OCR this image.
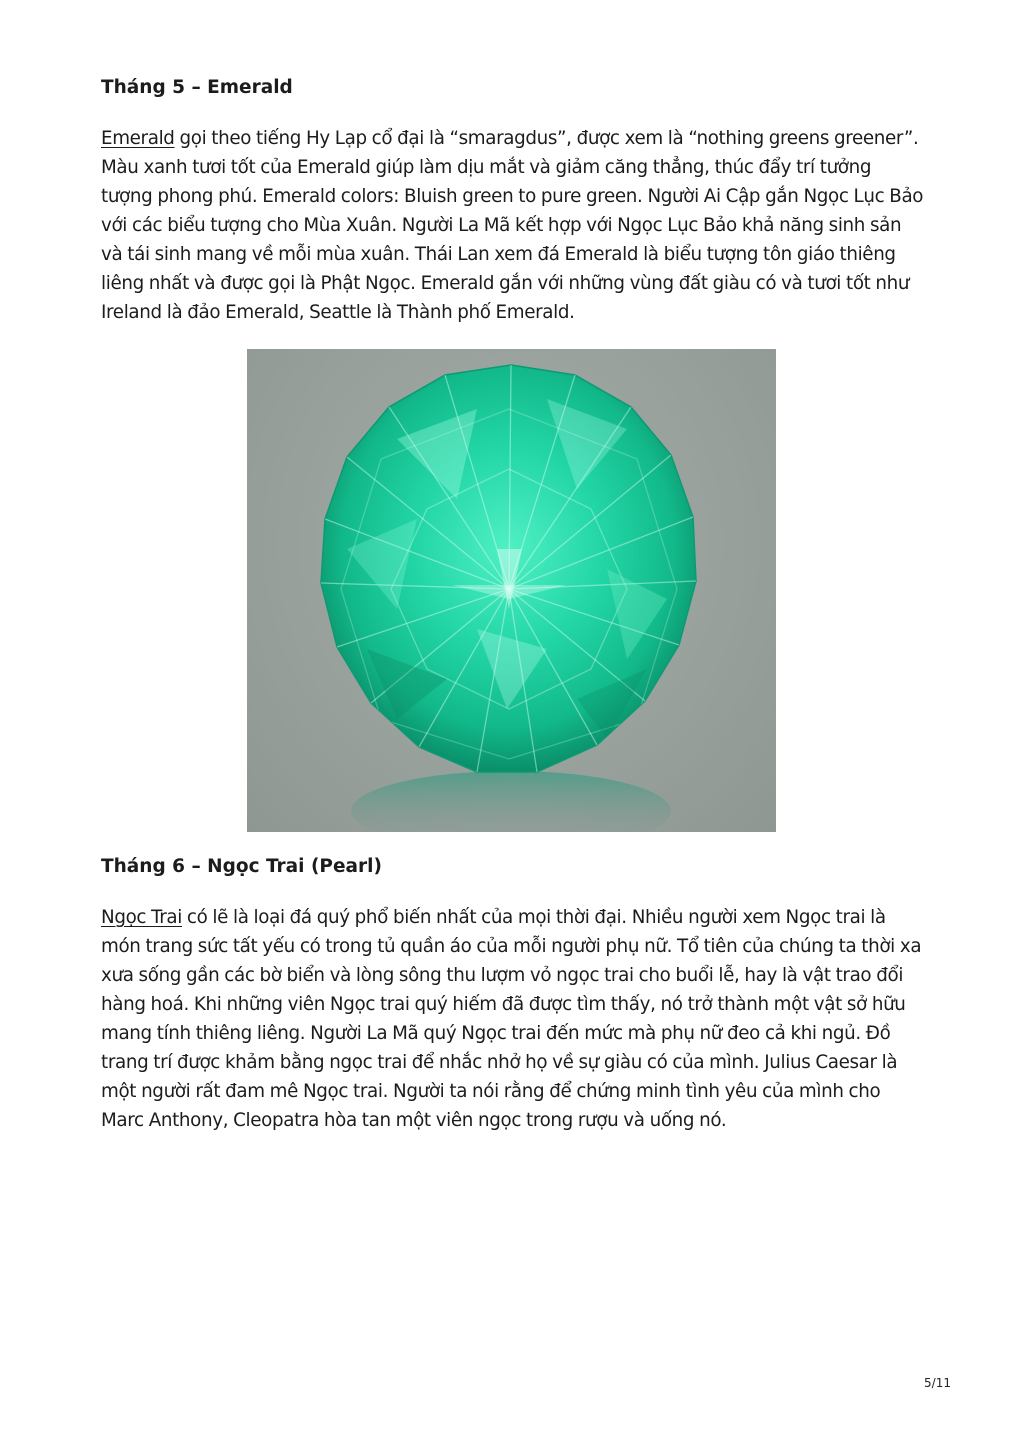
Tháng 5 – Emerald

Emerald gọi theo tiếng Hy Lạp cổ đại là “smaragdus”, được xem là “nothing greens greener”. Màu xanh tươi tốt của Emerald giúp làm dịu mắt và giảm căng thẳng, thúc đẩy trí tưởng tượng phong phú. Emerald colors: Bluish green to pure green. Người Ai Cập gắn Ngọc Lục Bảo với các biểu tượng cho Mùa Xuân. Người La Mã kết hợp với Ngọc Lục Bảo khả năng sinh sản và tái sinh mang về mỗi mùa xuân. Thái Lan xem đá Emerald là biểu tượng tôn giáo thiêng liêng nhất và được gọi là Phật Ngọc. Emerald gắn với những vùng đất giàu có và tươi tốt như Ireland là đảo Emerald, Seattle là Thành phố Emerald.

Tháng 6 – Ngọc Trai (Pearl)

Ngọc Trai có lẽ là loại đá quý phổ biến nhất của mọi thời đại. Nhiều người xem Ngọc trai là món trang sức tất yếu có trong tủ quần áo của mỗi người phụ nữ. Tổ tiên của chúng ta thời xa xưa sống gần các bờ biển và lòng sông thu lượm vỏ ngọc trai cho buổi lễ, hay là vật trao đổi hàng hoá. Khi những viên Ngọc trai quý hiếm đã được tìm thấy, nó trở thành một vật sở hữu mang tính thiêng liêng. Người La Mã quý Ngọc trai đến mức mà phụ nữ đeo cả khi ngủ. Đồ trang trí được khảm bằng ngọc trai để nhắc nhở họ về sự giàu có của mình. Julius Caesar là một người rất đam mê Ngọc trai. Người ta nói rằng để chứng minh tình yêu của mình cho Marc Anthony, Cleopatra hòa tan một viên ngọc trong rượu và uống nó.

5/11
